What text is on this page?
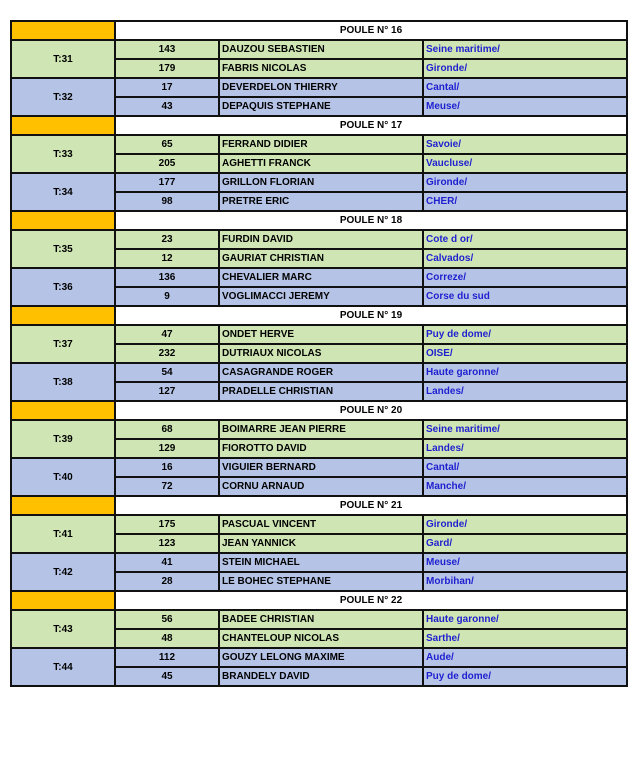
	POULE N° 16		
T:31	143	DAUZOU SEBASTIEN	Seine maritime/
	179	FABRIS NICOLAS	Gironde/
T:32	17	DEVERDELON THIERRY	Cantal/
	43	DEPAQUIS STEPHANE	Meuse/
	POULE N° 17		
T:33	65	FERRAND DIDIER	Savoie/
	205	AGHETTI FRANCK	Vaucluse/
T:34	177	GRILLON FLORIAN	Gironde/
	98	PRETRE ERIC	CHER/
	POULE N° 18		
T:35	23	FURDIN DAVID	Cote d or/
	12	GAURIAT CHRISTIAN	Calvados/
T:36	136	CHEVALIER MARC	Correze/
	9	VOGLIMACCI JEREMY	Corse du sud
	POULE N° 19		
T:37	47	ONDET HERVE	Puy de dome/
	232	DUTRIAUX NICOLAS	OISE/
T:38	54	CASAGRANDE ROGER	Haute garonne/
	127	PRADELLE CHRISTIAN	Landes/
	POULE N° 20		
T:39	68	BOIMARRE JEAN PIERRE	Seine maritime/
	129	FIOROTTO DAVID	Landes/
T:40	16	VIGUIER BERNARD	Cantal/
	72	CORNU ARNAUD	Manche/
	POULE N° 21		
T:41	175	PASCUAL VINCENT	Gironde/
	123	JEAN YANNICK	Gard/
T:42	41	STEIN MICHAEL	Meuse/
	28	LE BOHEC STEPHANE	Morbihan/
	POULE N° 22		
T:43	56	BADEE CHRISTIAN	Haute garonne/
	48	CHANTELOUP NICOLAS	Sarthe/
T:44	112	GOUZY LELONG MAXIME	Aude/
	45	BRANDELY DAVID	Puy de dome/
